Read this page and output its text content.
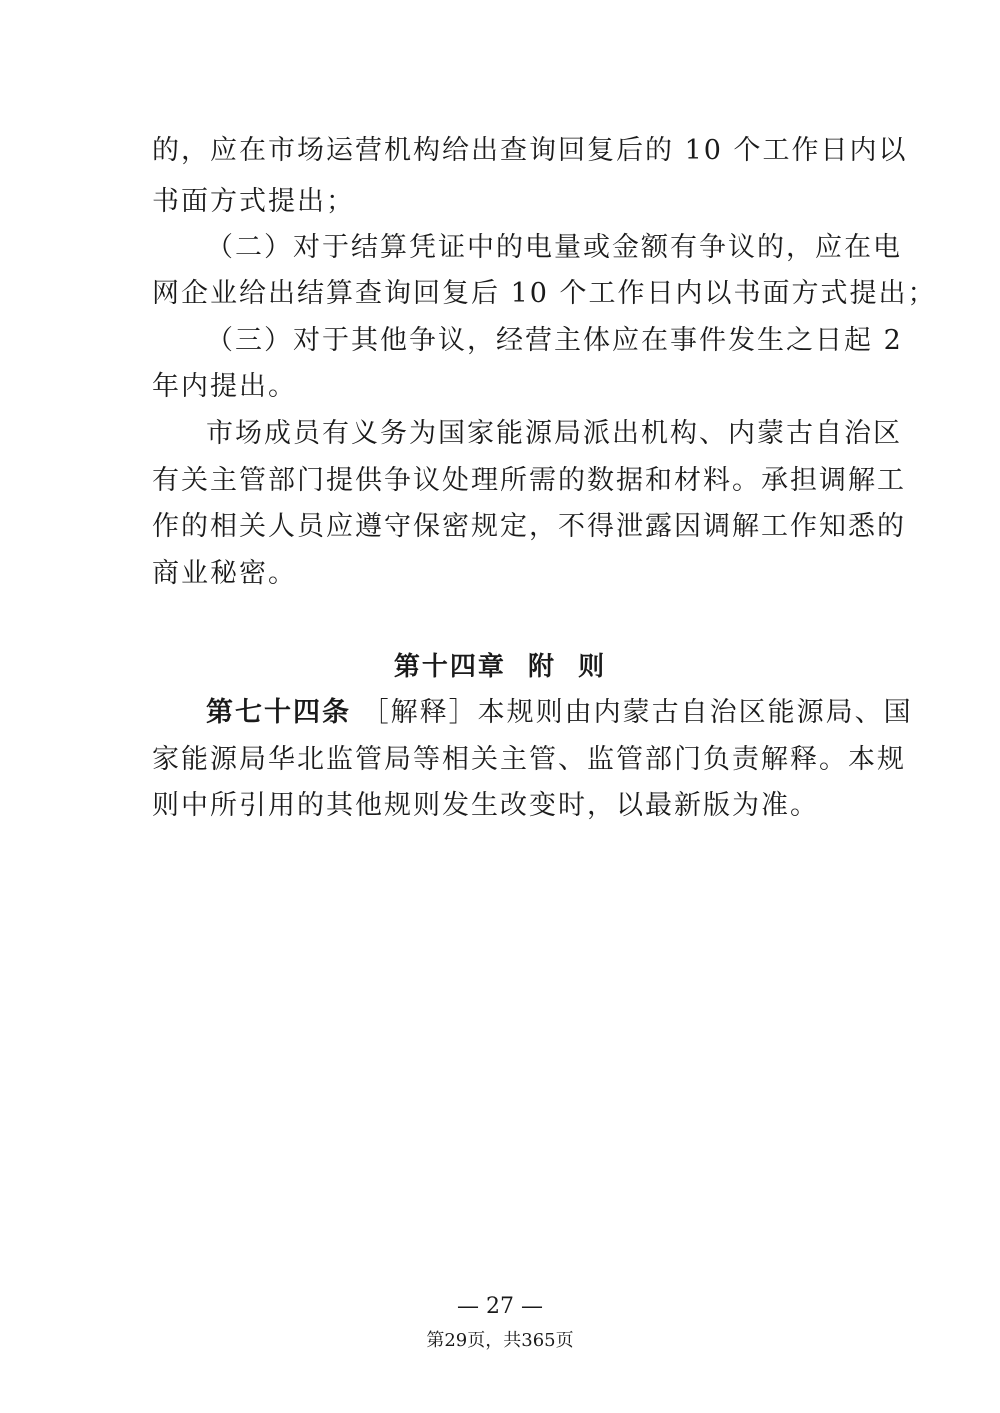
的，应在市场运营机构给出查询回复后的 10 个工作日内以
书面方式提出；
（二）对于结算凭证中的电量或金额有争议的，应在电
网企业给出结算查询回复后 10 个工作日内以书面方式提出；
（三）对于其他争议，经营主体应在事件发生之日起 2
年内提出。
市场成员有义务为国家能源局派出机构、内蒙古自治区
有关主管部门提供争议处理所需的数据和材料。承担调解工
作的相关人员应遵守保密规定，不得泄露因调解工作知悉的
商业秘密。
第十四章  附  则
第七十四条 ［解释］本规则由内蒙古自治区能源局、国
家能源局华北监管局等相关主管、监管部门负责解释。本规
则中所引用的其他规则发生改变时，以最新版为准。
— 27 —
第29页，共365页
